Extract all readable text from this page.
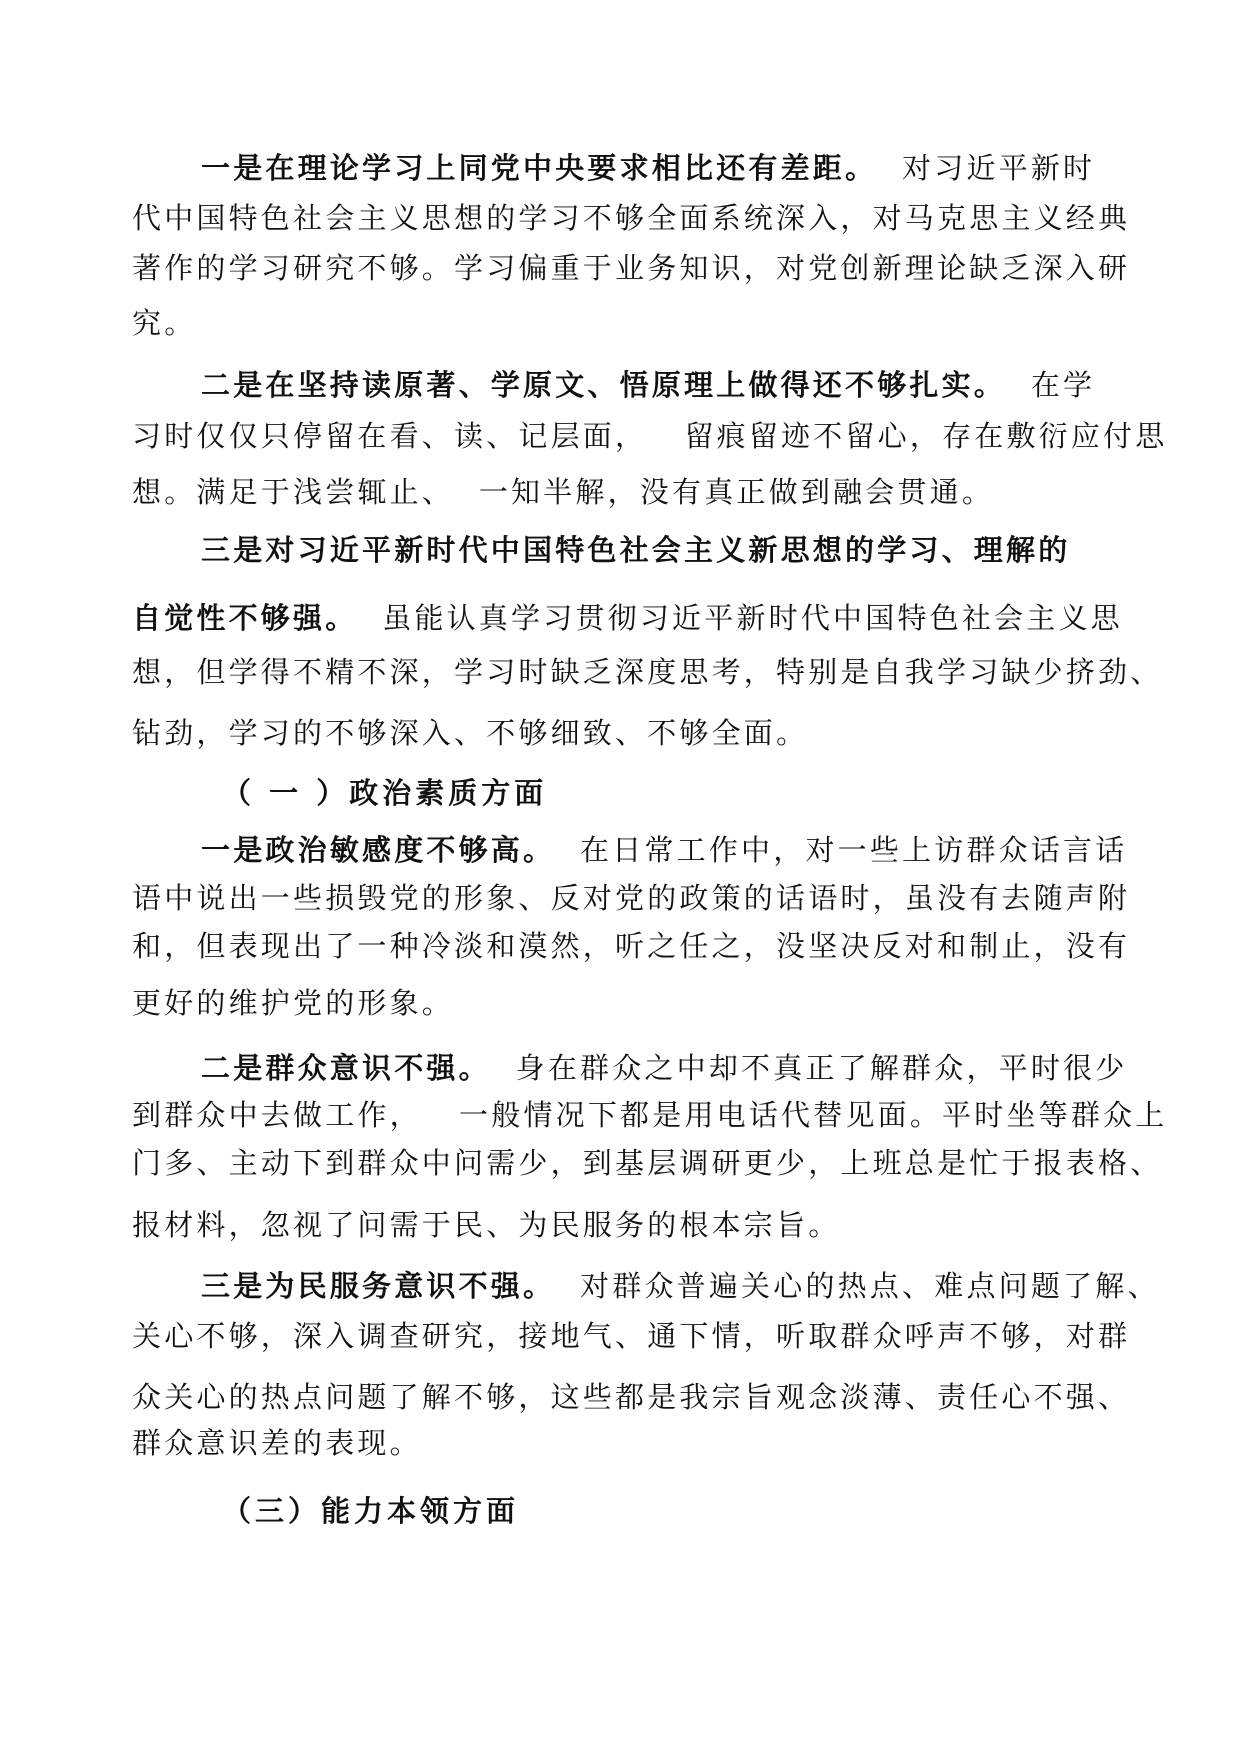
一是在理论学习上同党中央要求相比还有差距。  对习近平新时
代中国特色社会主义思想的学习不够全面系统深入，对马克思主义经典
著作的学习研究不够。学习偏重于业务知识，对党创新理论缺乏深入研
究。
二是在坚持读原著、学原文、悟原理上做得还不够扎实。  在学
习时仅仅只停留在看、读、记层面，   留痕留迹不留心，存在敷衍应付思
想。满足于浅尝辄止、  一知半解，没有真正做到融会贯通。
三是对习近平新时代中国特色社会主义新思想的学习、理解的
自觉性不够强。  虽能认真学习贯彻习近平新时代中国特色社会主义思
想，但学得不精不深，学习时缺乏深度思考，特别是自我学习缺少挤劲、
钻劲，学习的不够深入、不够细致、不够全面。
（ 一 ）政治素质方面
一是政治敏感度不够高。  在日常工作中，对一些上访群众话言话
语中说出一些损毁党的形象、反对党的政策的话语时，虽没有去随声附
和，但表现出了一种冷淡和漠然，听之任之，没坚决反对和制止，没有
更好的维护党的形象。
二是群众意识不强。  身在群众之中却不真正了解群众，平时很少
到群众中去做工作，   一般情况下都是用电话代替见面。平时坐等群众上
门多、主动下到群众中问需少，到基层调研更少，上班总是忙于报表格、
报材料，忽视了问需于民、为民服务的根本宗旨。
三是为民服务意识不强。  对群众普遍关心的热点、难点问题了解、
关心不够，深入调查研究，接地气、通下情，听取群众呼声不够，对群
众关心的热点问题了解不够，这些都是我宗旨观念淡薄、责任心不强、
群众意识差的表现。
（三）能力本领方面
